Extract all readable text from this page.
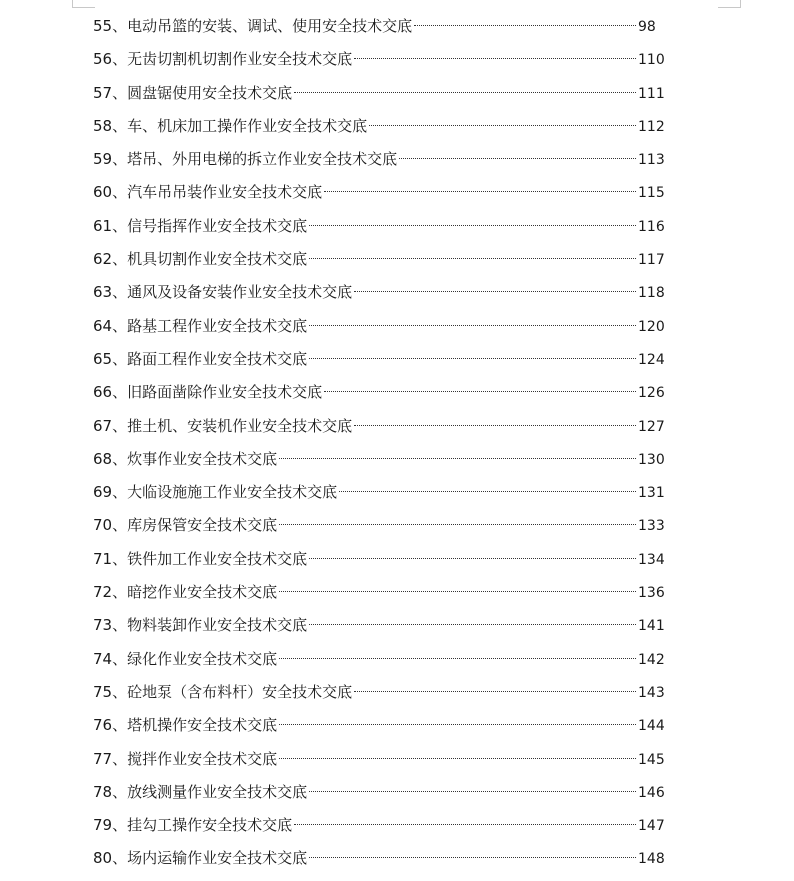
55、电动吊篮的安装、调试、使用安全技术交底	98
56、无齿切割机切割作业安全技术交底	110
57、圆盘锯使用安全技术交底	111
58、车、机床加工操作作业安全技术交底	112
59、塔吊、外用电梯的拆立作业安全技术交底	113
60、汽车吊吊装作业安全技术交底	115
61、信号指挥作业安全技术交底	116
62、机具切割作业安全技术交底	117
63、通风及设备安装作业安全技术交底	118
64、路基工程作业安全技术交底	120
65、路面工程作业安全技术交底	124
66、旧路面凿除作业安全技术交底	126
67、推土机、安装机作业安全技术交底	127
68、炊事作业安全技术交底	130
69、大临设施施工作业安全技术交底	131
70、库房保管安全技术交底	133
71、铁件加工作业安全技术交底	134
72、暗挖作业安全技术交底	136
73、物料装卸作业安全技术交底	141
74、绿化作业安全技术交底	142
75、砼地泵（含布料杆）安全技术交底	143
76、塔机操作安全技术交底	144
77、搅拌作业安全技术交底	145
78、放线测量作业安全技术交底	146
79、挂勾工操作安全技术交底	147
80、场内运输作业安全技术交底	148
